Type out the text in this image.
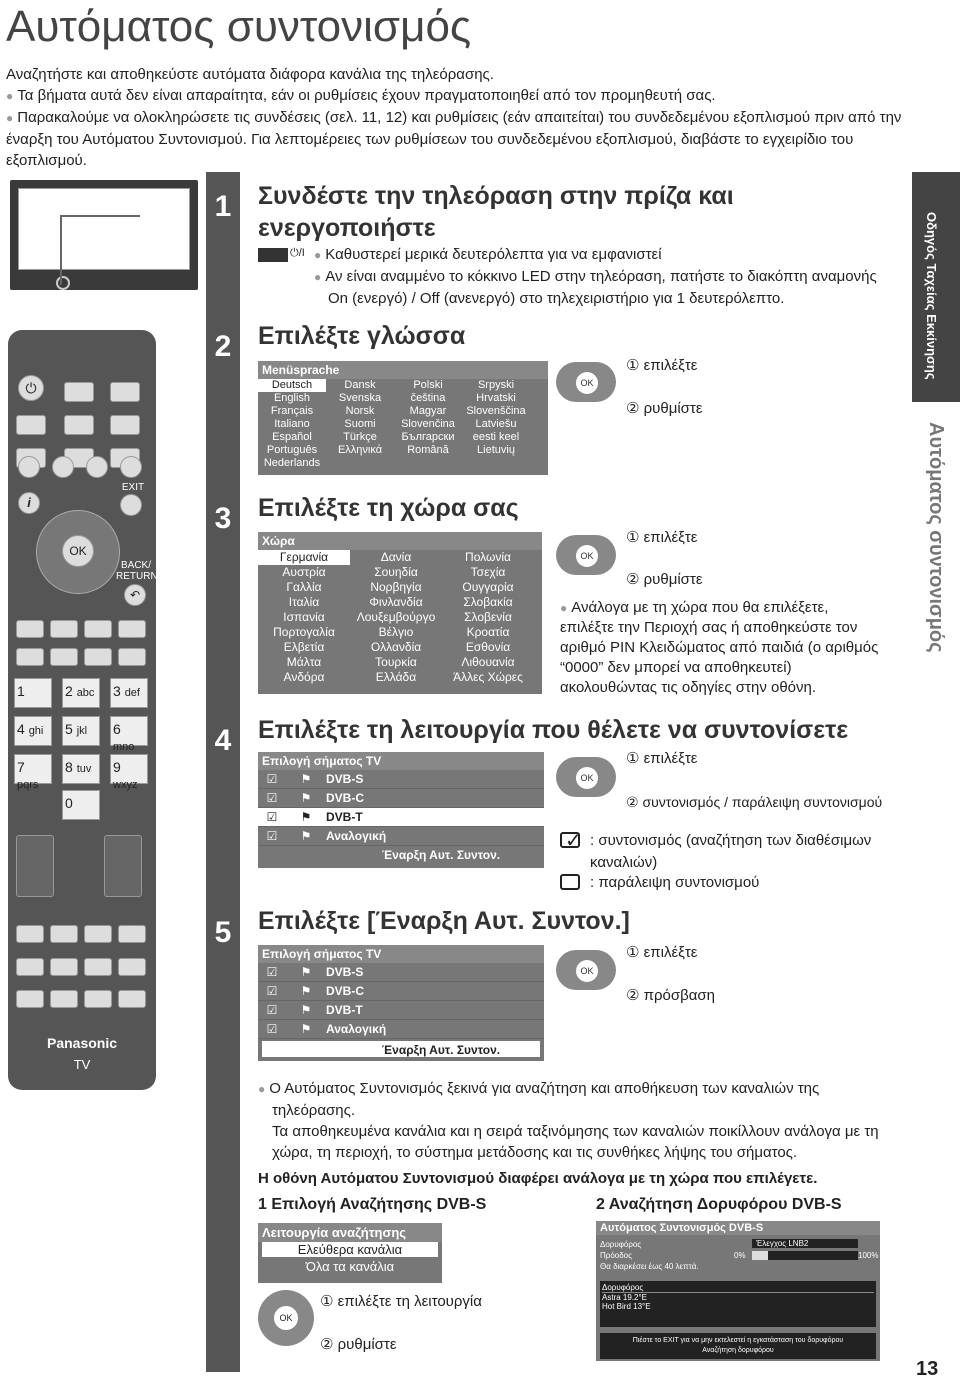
Αυτόματος συντονισμός

Αναζητήστε και αποθηκεύστε αυτόματα διάφορα κανάλια της τηλεόρασης.

● Τα βήματα αυτά δεν είναι απαραίτητα, εάν οι ρυθμίσεις έχουν πραγματοποιηθεί από τον προμηθευτή σας.

● Παρακαλούμε να ολοκληρώσετε τις συνδέσεις (σελ. 11, 12) και ρυθμίσεις (εάν απαιτείται) του συνδεδεμένου εξοπλισμού πριν από την έναρξη του Αυτόματου Συντονισμού. Για λεπτομέρειες των ρυθμίσεων του συνδεδεμένου εξοπλισμού, διαβάστε το εγχειρίδιο του εξοπλισμού.

Οδηγός Ταχείας Εκκίνησης
Αυτόματος συντονισμός
⏻
i
EXIT
OK
BACK/
RETURN
↶
1	2 abc	3 def
4 ghi	5 jkl	6 mno
7 pqrs
8 tuv	9 wxyz
0
Panasonic
TV
1
2
3
4
5
Συνδέστε την τηλεόραση στην πρίζα και ενεργοποιήστε
⏻/I	● Καθυστερεί μερικά δευτερόλεπτα για να εμφανιστεί
● Αν είναι αναμμένο το κόκκινο LED στην τηλεόραση, πατήστε το διακόπτη αναμονής On (ενεργό) / Off (ανενεργό) στο τηλεχειριστήριο για 1 δευτερόλεπτο.
Επιλέξτε γλώσσα
Menüsprache
Deutsch	Dansk	Polski	Srpyski
English	Svenska	čeština	Hrvatski
Français	Norsk	Magyar	Slovenščina
Italiano	Suomi	Slovenčina	Latviešu
Español	Türkçe	Български	eesti keel
Português	Ελληνικά	Română	Lietuvių
Nederlands			
OK
① επιλέξτε
② ρυθμίστε
Επιλέξτε τη χώρα σας
Χώρα
Γερμανία	Δανία	Πολωνία
Αυστρία	Σουηδία	Τσεχία
Γαλλία	Νορβηγία	Ουγγαρία
Ιταλία	Φινλανδία	Σλοβακία
Ισπανία	Λουξεμβούργο	Σλοβενία
Πορτογαλία	Βέλγιο	Κροατία
Ελβετία	Ολλανδία	Εσθονία
Μάλτα	Τουρκία	Λιθουανία
Ανδόρα	Ελλάδα	Άλλες Χώρες
OK
① επιλέξτε
② ρυθμίστε
● Ανάλογα με τη χώρα που θα επιλέξετε, επιλέξτε την Περιοχή σας ή αποθηκεύστε τον αριθμό PIN Κλειδώματος από παιδιά (ο αριθμός “0000” δεν μπορεί να αποθηκευτεί) ακολουθώντας τις οδηγίες στην οθόνη.
Επιλέξτε τη λειτουργία που θέλετε να συντονίσετε
Επιλογή σήματος TV
☑	⚑	DVB-S
☑	⚑	DVB-C
☑	⚑	DVB-T
☑	⚑	Αναλογική
Έναρξη Αυτ. Συντον.
OK
① επιλέξτε
② συντονισμός / παράλειψη συντονισμού
✓ : συντονισμός (αναζήτηση των διαθέσιμων καναλιών)
: παράλειψη συντονισμού
Επιλέξτε [Έναρξη Αυτ. Συντον.]
Επιλογή σήματος TV
☑	⚑	DVB-S
☑	⚑	DVB-C
☑	⚑	DVB-T
☑	⚑	Αναλογική
Έναρξη Αυτ. Συντον.
OK
① επιλέξτε
② πρόσβαση
● Ο Αυτόματος Συντονισμός ξεκινά για αναζήτηση και αποθήκευση των καναλιών της τηλεόρασης.
Τα αποθηκευμένα κανάλια και η σειρά ταξινόμησης των καναλιών ποικίλλουν ανάλογα με τη χώρα, τη περιοχή, το σύστημα μετάδοσης και τις συνθήκες λήψης του σήματος.
Η οθόνη Αυτόματου Συντονισμού διαφέρει ανάλογα με τη χώρα που επιλέγετε.
1 Επιλογή Αναζήτησης DVB-S	2 Αναζήτηση Δορυφόρου DVB-S
Λειτουργία αναζήτησης
Ελεύθερα κανάλια
Όλα τα κανάλια
OK
① επιλέξτε τη λειτουργία
② ρυθμίστε
Αυτόματος Συντονισμός DVB-S
Δορυφόρος	Έλεγχος LNB2
Πρόοδος	0%	100%
Θα διαρκέσει έως 40 λεπτά.
Δορυφόρος
Astra 19.2°E
Hot Bird 13°E
Πιέστε το EXIT για να μην εκτελεστεί η εγκατάσταση του δορυφόρου
Αναζήτηση δορυφόρου
13
